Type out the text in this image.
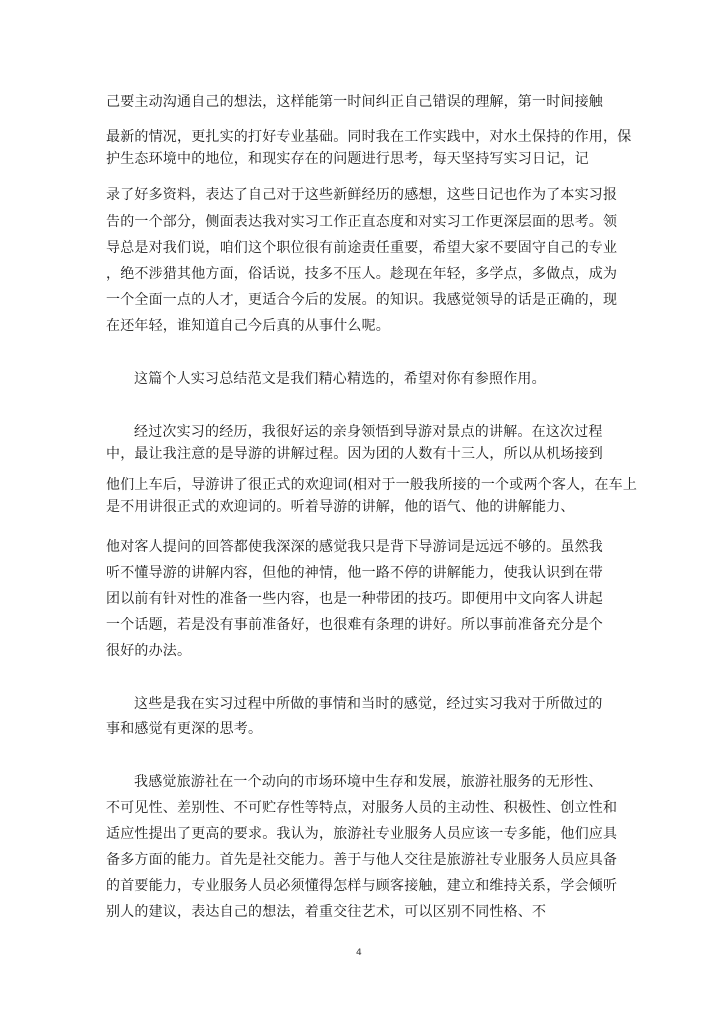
己要主动沟通自己的想法，这样能第一时间纠正自己错误的理解，第一时间接触
最新的情况，更扎实的打好专业基础。同时我在工作实践中，对水土保持的作用，保
护生态环境中的地位，和现实存在的问题进行思考，每天坚持写实习日记，记
录了好多资料，表达了自己对于这些新鲜经历的感想，这些日记也作为了本实习报
告的一个部分，侧面表达我对实习工作正直态度和对实习工作更深层面的思考。领
导总是对我们说，咱们这个职位很有前途责任重要，希望大家不要固守自己的专业
，绝不涉猎其他方面，俗话说，技多不压人。趁现在年轻，多学点，多做点，成为
一个全面一点的人才，更适合今后的发展。的知识。我感觉领导的话是正确的，现
在还年轻，谁知道自己今后真的从事什么呢。
这篇个人实习总结范文是我们精心精选的，希望对你有参照作用。
经过次实习的经历，我很好运的亲身领悟到导游对景点的讲解。在这次过程
中，最让我注意的是导游的讲解过程。因为团的人数有十三人，所以从机场接到
他们上车后，导游讲了很正式的欢迎词(相对于一般我所接的一个或两个客人，在车上
是不用讲很正式的欢迎词的。听着导游的讲解，他的语气、他的讲解能力、
他对客人提问的回答都使我深深的感觉我只是背下导游词是远远不够的。虽然我
听不懂导游的讲解内容，但他的神情，他一路不停的讲解能力，使我认识到在带
团以前有针对性的准备一些内容，也是一种带团的技巧。即便用中文向客人讲起
一个话题，若是没有事前准备好，也很难有条理的讲好。所以事前准备充分是个
很好的办法。
这些是我在实习过程中所做的事情和当时的感觉，经过实习我对于所做过的
事和感觉有更深的思考。
我感觉旅游社在一个动向的市场环境中生存和发展，旅游社服务的无形性、
不可见性、差别性、不可贮存性等特点，对服务人员的主动性、积极性、创立性和
适应性提出了更高的要求。我认为，旅游社专业服务人员应该一专多能，他们应具
备多方面的能力。首先是社交能力。善于与他人交往是旅游社专业服务人员应具备
的首要能力，专业服务人员必须懂得怎样与顾客接触，建立和维持关系，学会倾听
别人的建议，表达自己的想法，着重交往艺术，可以区别不同性格、不
4
